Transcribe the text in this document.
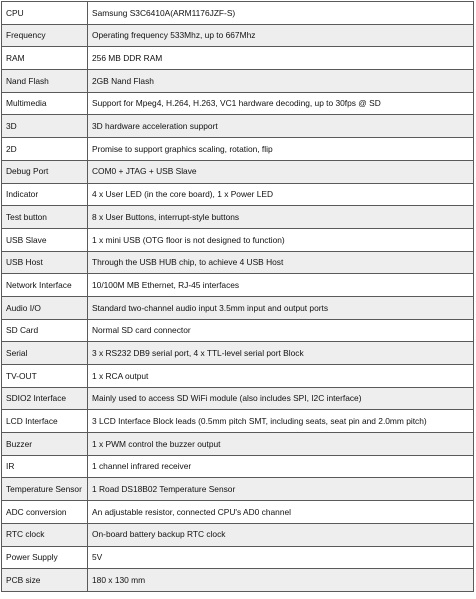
CPU	Samsung S3C6410A(ARM1176JZF-S)
Frequency	Operating frequency 533Mhz, up to 667Mhz
RAM	256 MB DDR RAM
Nand Flash	2GB Nand Flash
Multimedia	Support for Mpeg4, H.264, H.263, VC1 hardware decoding, up to 30fps @ SD
3D	3D hardware acceleration support
2D	Promise to support graphics scaling, rotation, flip
Debug Port	COM0 + JTAG + USB Slave
Indicator	4 x User LED (in the core board), 1 x Power LED
Test button	8 x User Buttons, interrupt-style buttons
USB Slave	1 x mini USB (OTG floor is not designed to function)
USB Host	Through the USB HUB chip, to achieve 4 USB Host
Network Interface	10/100M MB Ethernet, RJ-45 interfaces
Audio I/O	Standard two-channel audio input 3.5mm input and output ports
SD Card	Normal SD card connector
Serial	3 x RS232 DB9 serial port, 4 x TTL-level serial port Block
TV-OUT	1 x RCA output
SDIO2 Interface	Mainly used to access SD WiFi module (also includes SPI, I2C interface)
LCD Interface	3 LCD Interface Block leads (0.5mm pitch SMT, including seats, seat pin and 2.0mm pitch)
Buzzer	1 x PWM control the buzzer output
IR	1 channel infrared receiver
Temperature Sensor	1 Road DS18B02 Temperature Sensor
ADC conversion	An adjustable resistor, connected CPU's AD0 channel
RTC clock	On-board battery backup RTC clock
Power Supply	5V
PCB size	180 x 130 mm
